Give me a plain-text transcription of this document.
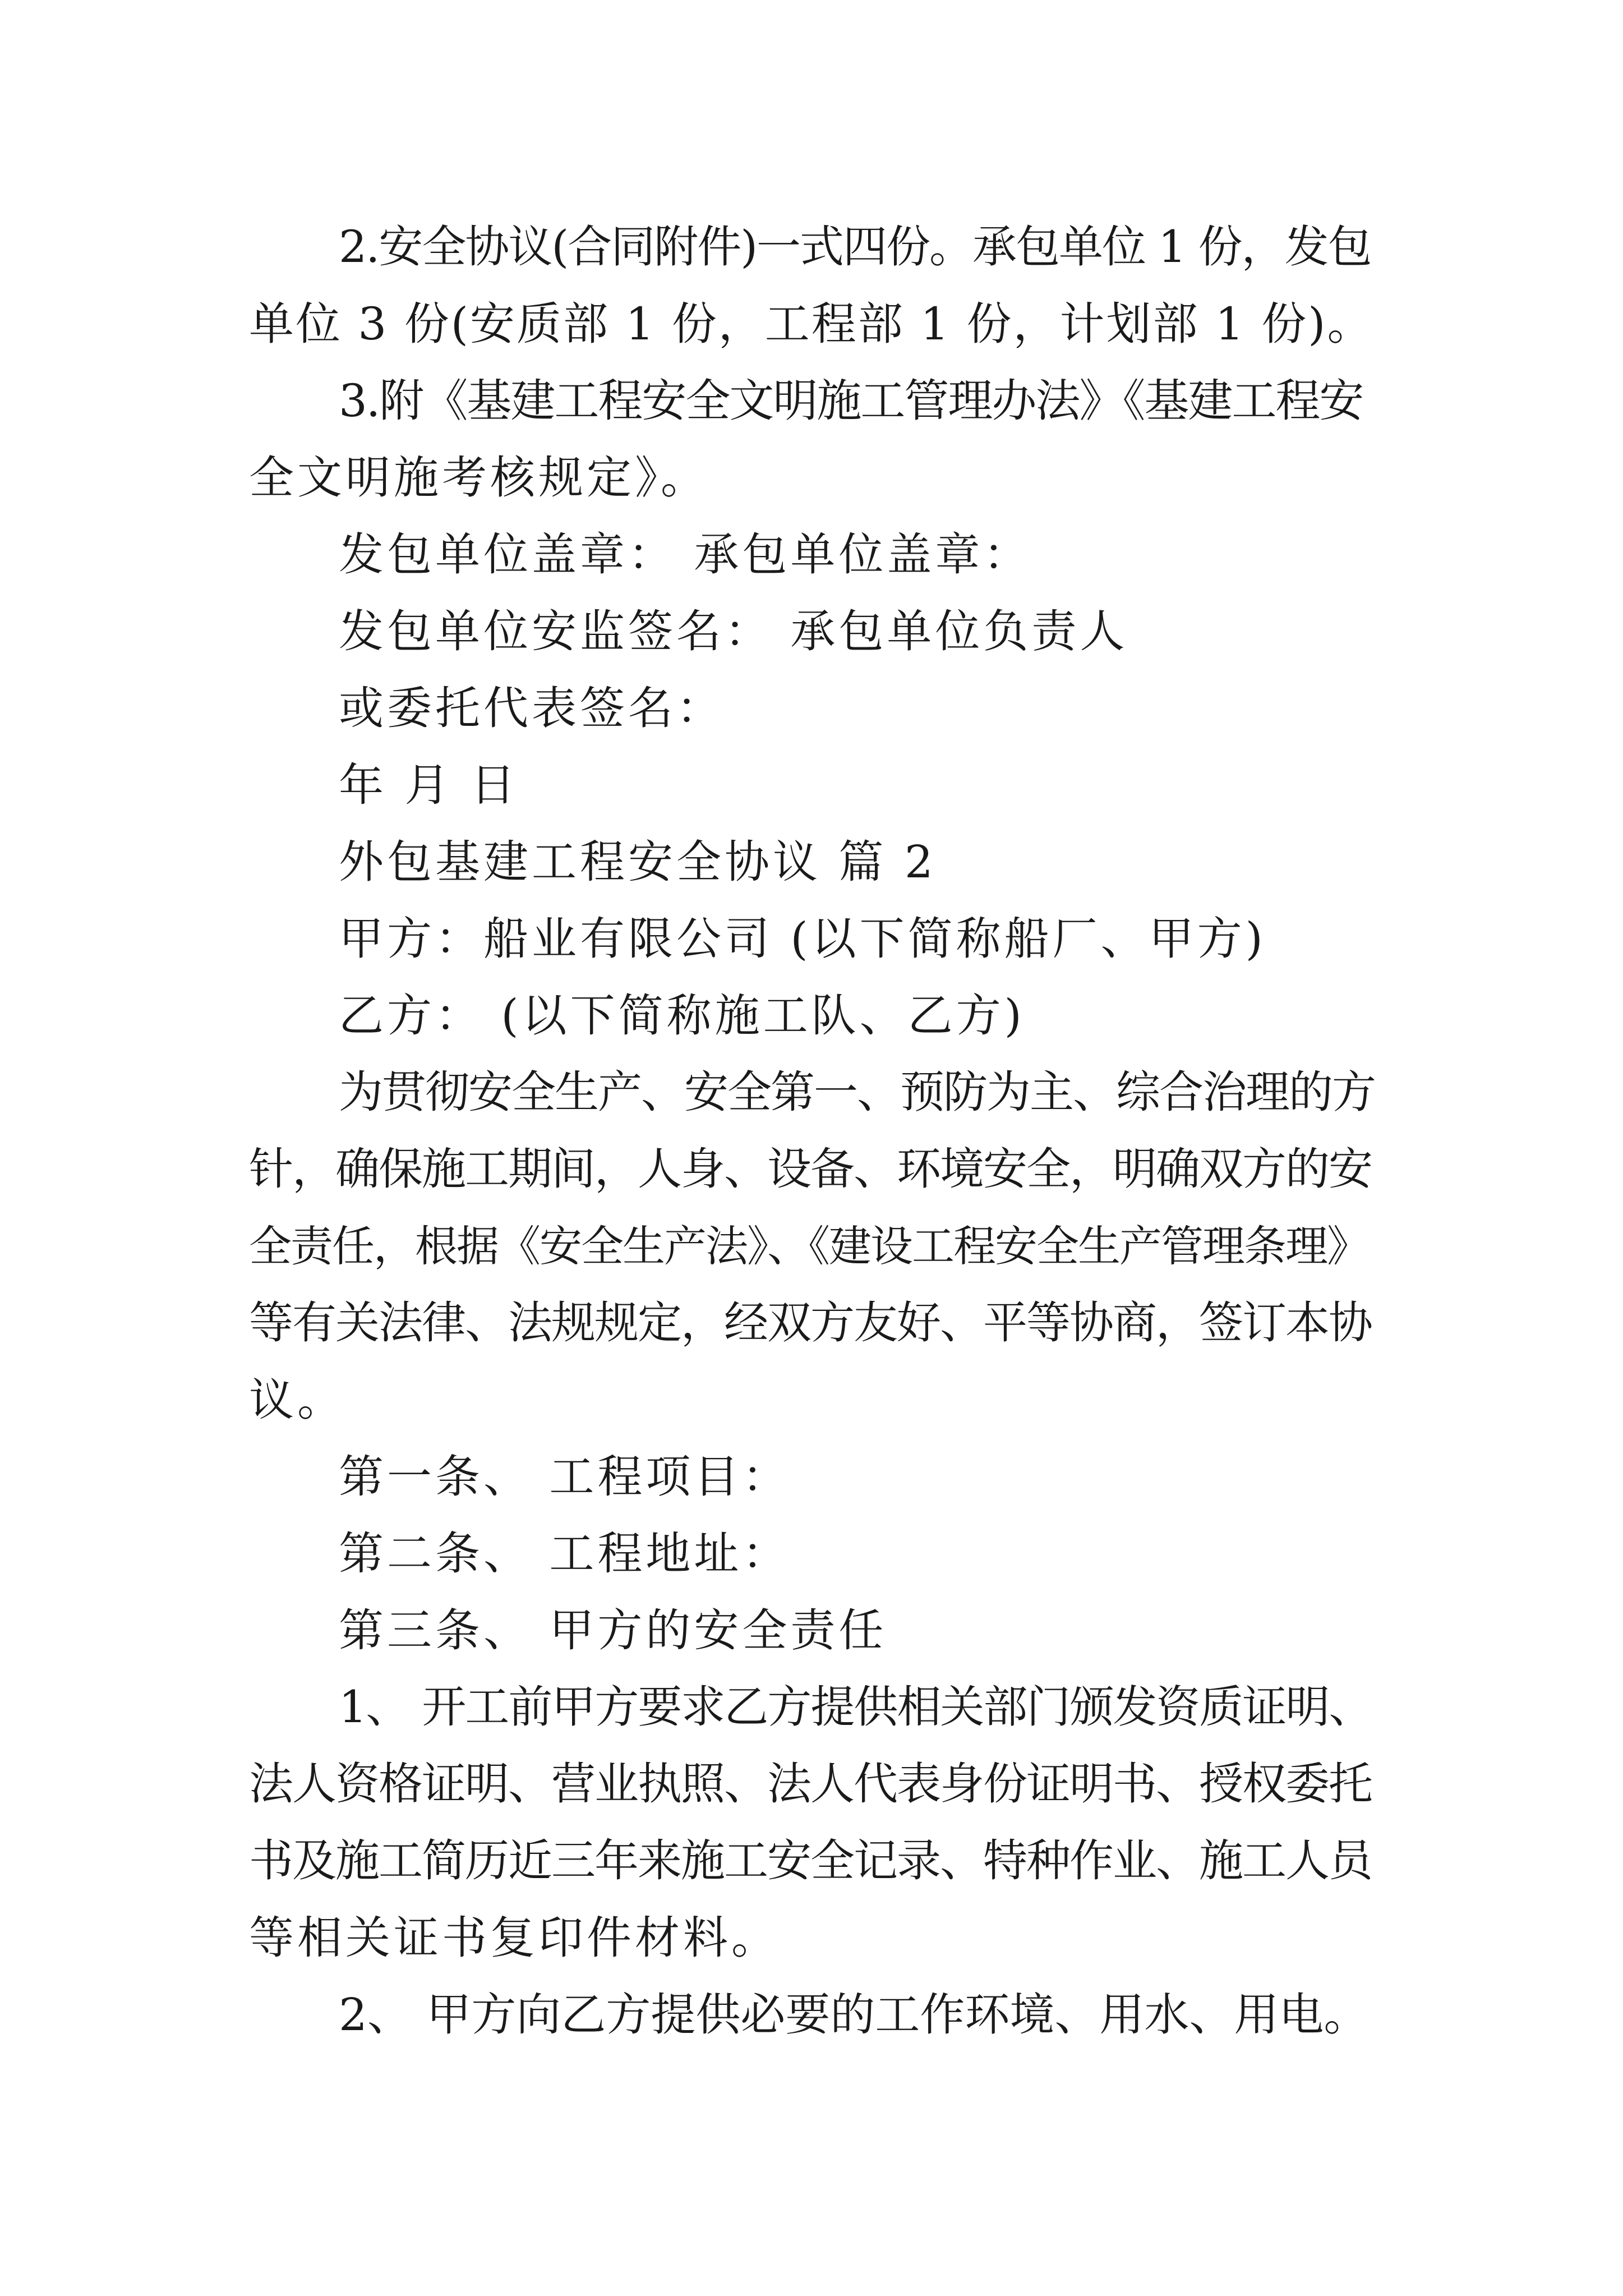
2.安全协议(合同附件)一式四份。承包单位 1 份，发包

单位 3 份(安质部 1 份，工程部 1 份，计划部 1 份)。

3.附《基建工程安全文明施工管理办法》《基建工程安

全文明施考核规定》。

发包单位盖章： 承包单位盖章：

发包单位安监签名： 承包单位负责人

或委托代表签名：

年 月 日

外包基建工程安全协议 篇 2

甲方：船业有限公司 (以下简称船厂、甲方)

乙方： (以下简称施工队、乙方)

为贯彻安全生产、安全第一、预防为主、综合治理的方

针，确保施工期间，人身、设备、环境安全，明确双方的安

全责任，根据《安全生产法》、《建设工程安全生产管理条理》

等有关法律、法规规定，经双方友好、平等协商，签订本协

议。

第一条、 工程项目：

第二条、 工程地址：

第三条、 甲方的安全责任

1、 开工前甲方要求乙方提供相关部门颁发资质证明、

法人资格证明、营业执照、法人代表身份证明书、授权委托

书及施工简历近三年来施工安全记录、特种作业、施工人员

等相关证书复印件材料。

2、 甲方向乙方提供必要的工作环境、用水、用电。
